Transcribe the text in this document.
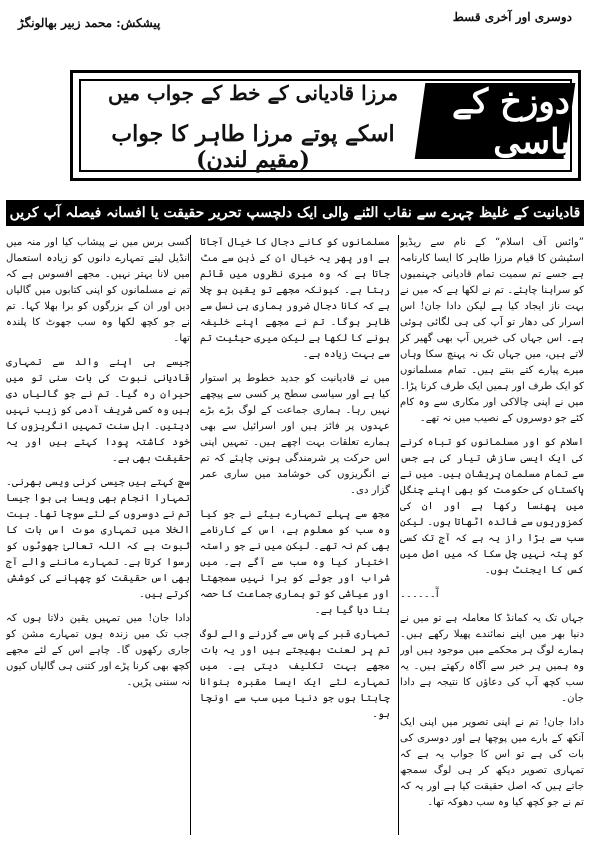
دوسری اور آخری قسط
پیشکش: محمد زبیر بھالونگڑ
دوزخ کے باسی
مرزا قادیانی کے خط کے جواب میں
اسکے پوتے مرزا طاہر کا جواب (مقیم لندن)
قادیانیت کے غلیظ چہرے سے نقاب الٹنے والی ایک دلچسپ تحریر حقیقت یا افسانہ فیصلہ آپ کریں

”وائس آف اسلام“ کے نام سے ریڈیو اسٹیشن کا قیام مرزا طاہر کا ایسا کارنامہ ہے جسے تم سمیت تمام قادیانی جہنمیوں کو سراہنا چاہئے۔ تم نے لکھا ہے کہ میں نے بہت ناز ایجاد کیا ہے لیکن دادا جان! اس اسرار کی دھار تو آپ کی ہی لگائی ہوئی ہے۔ اس جہاں کی خبریں آپ بھی گھیر کر لاتے ہیں، میں جہاں تک نہ پہنچ سکا وہاں میرے پیارے کتے بنتے ہیں۔ تمام مسلمانوں کو ایک طرف اور ہمیں ایک طرف کرنا پڑا۔ میں نے اپنی چالاکی اور مکاری سے وہ کام کئے جو دوسروں کے نصیب میں نہ تھے۔

اسلام کو اور مسلمانوں کو تباہ کرنے کی ایک ایسی سازش تیار کی ہے جس سے تمام مسلمان پریشان ہیں۔ میں نے پاکستان کی حکومت کو بھی اپنے چنگل میں پھنسا رکھا ہے اور ان کی کمزوریوں سے فائدہ اٹھاتا ہوں۔ لیکن سب سے بڑا راز یہ ہے کہ آج تک کسی کو پتہ نہیں چل سکا کہ میں اصل میں کس کا ایجنٹ ہوں۔

آٓ۔۔۔۔۔۔

جہاں تک یہ کمانڈ کا معاملہ ہے تو میں نے دنیا بھر میں اپنے نمائندے پھیلا رکھے ہیں۔ ہمارے لوگ ہر محکمے میں موجود ہیں اور وہ ہمیں ہر خبر سے آگاہ رکھتے ہیں۔ یہ سب کچھ آپ کی دعاؤں کا نتیجہ ہے دادا جان۔

دادا جان! تم نے اپنی تصویر میں اپنی ایک آنکھ کے بارے میں پوچھا ہے اور دوسری کی بات کی ہے تو اس کا جواب یہ ہے کہ تمہاری تصویر دیکھ کر ہی لوگ سمجھ جاتے ہیں کہ اصل حقیقت کیا ہے اور یہ کہ تم نے جو کچھ کیا وہ سب دھوکہ تھا۔

مسلمانوں کو کانے دجال کا خیال آجاتا ہے اور پھر یہ خیال ان کے ذہن سے مٹ جاتا ہے کہ وہ میری نظروں میں قائم رہتا ہے۔ کیونکہ مجھے تو یقین ہو چلا ہے کہ کانا دجال ضرور ہماری ہی نسل سے ظاہر ہوگا۔ تم نے مجھے اپنے خلیفہ ہونے کا لکھا ہے لیکن میری حیثیت تم سے بہت زیادہ ہے۔

میں نے قادیانیت کو جدید خطوط پر استوار کیا ہے اور سیاسی سطح پر کسی سے پیچھے نہیں رہا۔ ہماری جماعت کے لوگ بڑے بڑے عہدوں پر فائز ہیں اور اسرائیل سے بھی ہمارے تعلقات بہت اچھے ہیں۔ تمہیں اپنی اس حرکت پر شرمندگی ہونی چاہئے کہ تم نے انگریزوں کی خوشامد میں ساری عمر گزار دی۔

مجھ سے پہلے تمہارے بیٹے نے جو کیا وہ سب کو معلوم ہے، اس کے کارنامے بھی کم نہ تھے۔ لیکن میں نے جو راستہ اختیار کیا وہ سب سے آگے ہے۔ میں شراب اور جوئے کو برا نہیں سمجھتا اور عیاشی کو تو ہماری جماعت کا حصہ بنا دیا گیا ہے۔

تمہاری قبر کے پاس سے گزرنے والے لوگ تم پر لعنت بھیجتے ہیں اور یہ بات مجھے بہت تکلیف دیتی ہے۔ میں تمہارے لئے ایک ایسا مقبرہ بنوانا چاہتا ہوں جو دنیا میں سب سے اونچا ہو۔

کسی برس میں نے پیشاب کیا اور منہ میں انڈیل لیتے تمہارے دانوں کو زیادہ استعمال میں لانا بہتر نہیں۔ مجھے افسوس ہے کہ تم نے مسلمانوں کو اپنی کتابوں میں گالیاں دیں اور ان کے بزرگوں کو برا بھلا کہا۔ تم نے جو کچھ لکھا وہ سب جھوٹ کا پلندہ تھا۔

جیسے ہی اپنے والد سے تمہاری قادیانی نبوت کی بات سنی تو میں حیران رہ گیا۔ تم نے جو گالیاں دی ہیں وہ کسی شریف آدمی کو زیب نہیں دیتیں۔ اہل سنت تمہیں انگریزوں کا خود کاشتہ پودا کہتے ہیں اور یہ حقیقت بھی ہے۔

سچ کہتے ہیں جیسی کرنی ویسی بھرنی۔ تمہارا انجام بھی ویسا ہی ہوا جیسا تم نے دوسروں کے لئے سوچا تھا۔ بیت الخلا میں تمہاری موت اس بات کا ثبوت ہے کہ اللہ تعالیٰ جھوٹوں کو رسوا کرتا ہے۔ تمہارے ماننے والے آج بھی اس حقیقت کو چھپانے کی کوشش کرتے ہیں۔

دادا جان! میں تمہیں یقین دلاتا ہوں کہ جب تک میں زندہ ہوں تمہارے مشن کو جاری رکھوں گا۔ چاہے اس کے لئے مجھے کچھ بھی کرنا پڑے اور کتنی ہی گالیاں کیوں نہ سننی پڑیں۔
